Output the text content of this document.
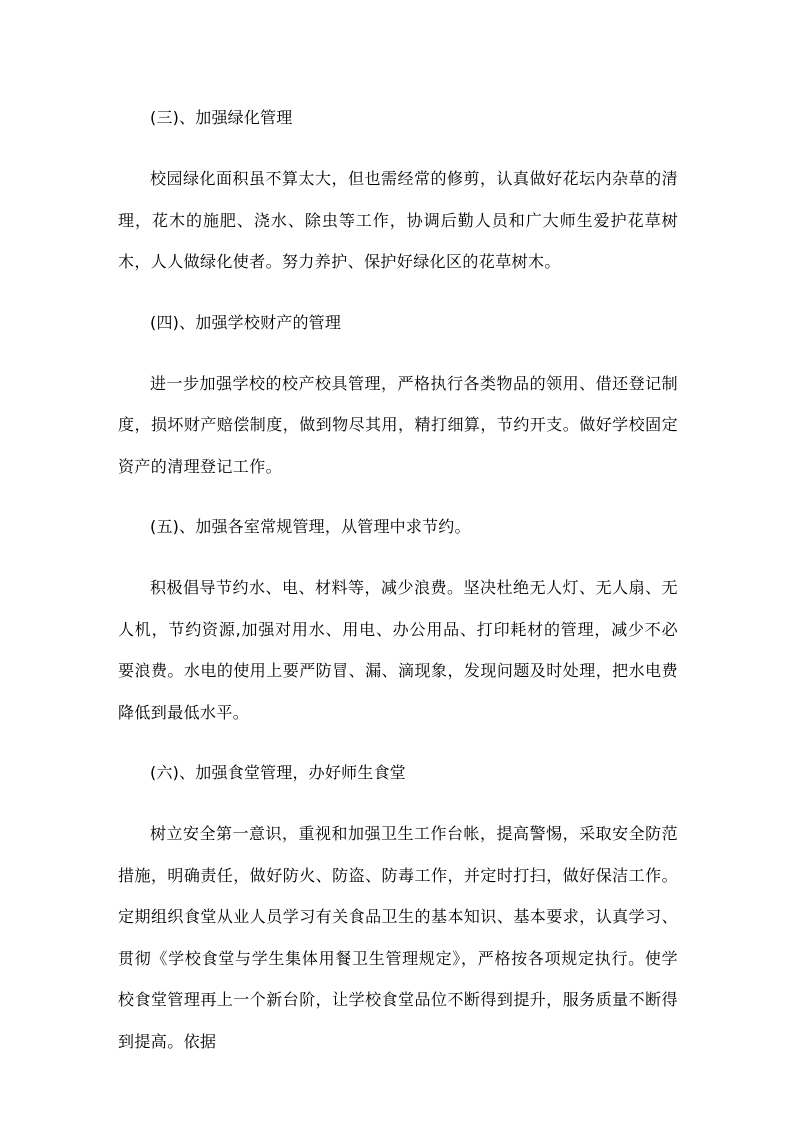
(三)、加强绿化管理

校园绿化面积虽不算太大，但也需经常的修剪，认真做好花坛内杂草的清理，花木的施肥、浇水、除虫等工作，协调后勤人员和广大师生爱护花草树木，人人做绿化使者。努力养护、保护好绿化区的花草树木。

(四)、加强学校财产的管理

进一步加强学校的校产校具管理，严格执行各类物品的领用、借还登记制度，损坏财产赔偿制度，做到物尽其用，精打细算，节约开支。做好学校固定资产的清理登记工作。

(五)、加强各室常规管理，从管理中求节约。

积极倡导节约水、电、材料等，减少浪费。坚决杜绝无人灯、无人扇、无人机，节约资源,加强对用水、用电、办公用品、打印耗材的管理，减少不必要浪费。水电的使用上要严防冒、漏、滴现象，发现问题及时处理，把水电费降低到最低水平。

(六)、加强食堂管理，办好师生食堂

树立安全第一意识，重视和加强卫生工作台帐，提高警惕，采取安全防范措施，明确责任，做好防火、防盗、防毒工作，并定时打扫，做好保洁工作。定期组织食堂从业人员学习有关食品卫生的基本知识、基本要求，认真学习、贯彻《学校食堂与学生集体用餐卫生管理规定》，严格按各项规定执行。使学校食堂管理再上一个新台阶，让学校食堂品位不断得到提升，服务质量不断得到提高。依据
